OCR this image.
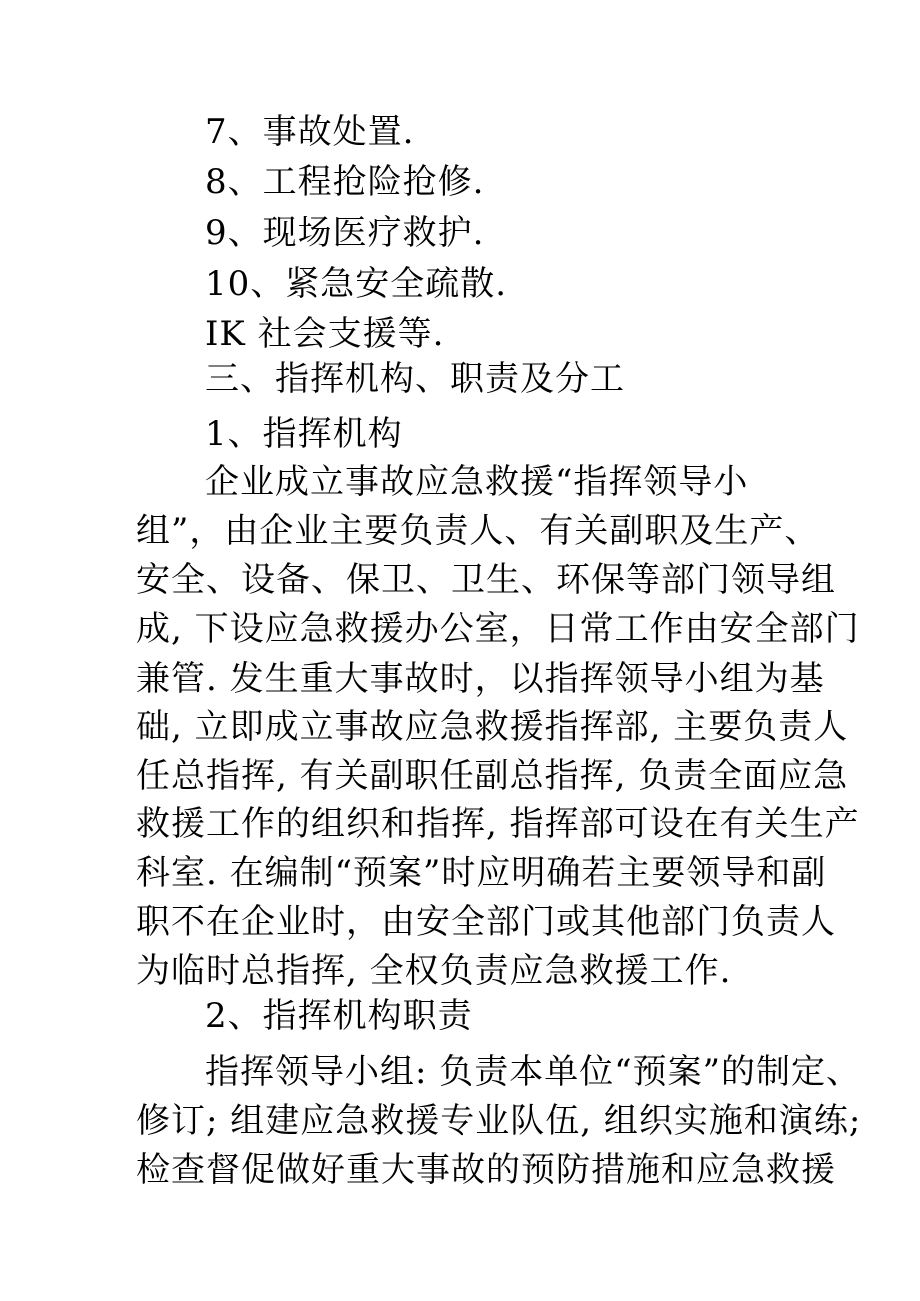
7、事故处置.

8、工程抢险抢修.

9、现场医疗救护.

10、紧急安全疏散.

IK 社会支援等.

三、指挥机构、职责及分工

1、指挥机构

企业成立事故应急救援“指挥领导小

组”，由企业主要负责人、有关副职及生产、

安全、设备、保卫、卫生、环保等部门领导组

成, 下设应急救援办公室，日常工作由安全部门

兼管. 发生重大事故时，以指挥领导小组为基

础, 立即成立事故应急救援指挥部, 主要负责人

任总指挥, 有关副职任副总指挥, 负责全面应急

救援工作的组织和指挥, 指挥部可设在有关生产

科室. 在编制“预案”时应明确若主要领导和副

职不在企业时，由安全部门或其他部门负责人

为临时总指挥, 全权负责应急救援工作.

2、指挥机构职责

指挥领导小组: 负责本单位“预案”的制定、

修订; 组建应急救援专业队伍, 组织实施和演练;

检查督促做好重大事故的预防措施和应急救援
